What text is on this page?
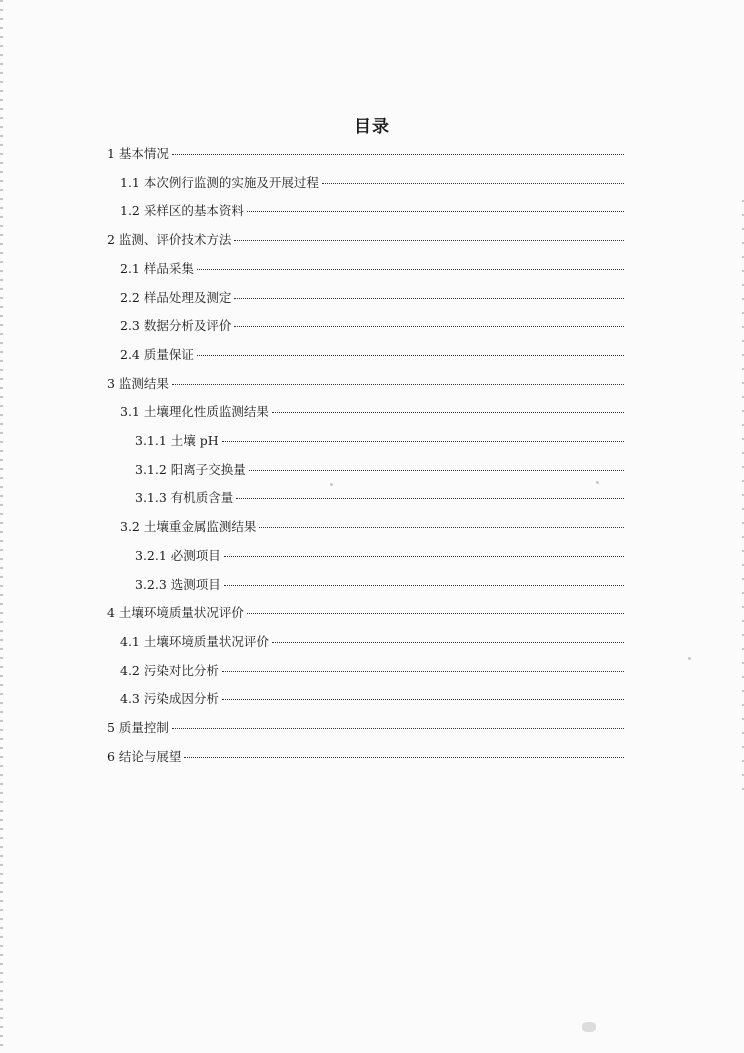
目录
1 基本情况
1.1 本次例行监测的实施及开展过程
1.2 采样区的基本资料
2 监测、评价技术方法
2.1 样品采集
2.2 样品处理及测定
2.3 数据分析及评价
2.4 质量保证
3 监测结果
3.1 土壤理化性质监测结果
3.1.1 土壤 pH
3.1.2 阳离子交换量
3.1.3 有机质含量
3.2 土壤重金属监测结果
3.2.1 必测项目
3.2.3 选测项目
4 土壤环境质量状况评价
4.1 土壤环境质量状况评价
4.2 污染对比分析
4.3 污染成因分析
5 质量控制
6 结论与展望
